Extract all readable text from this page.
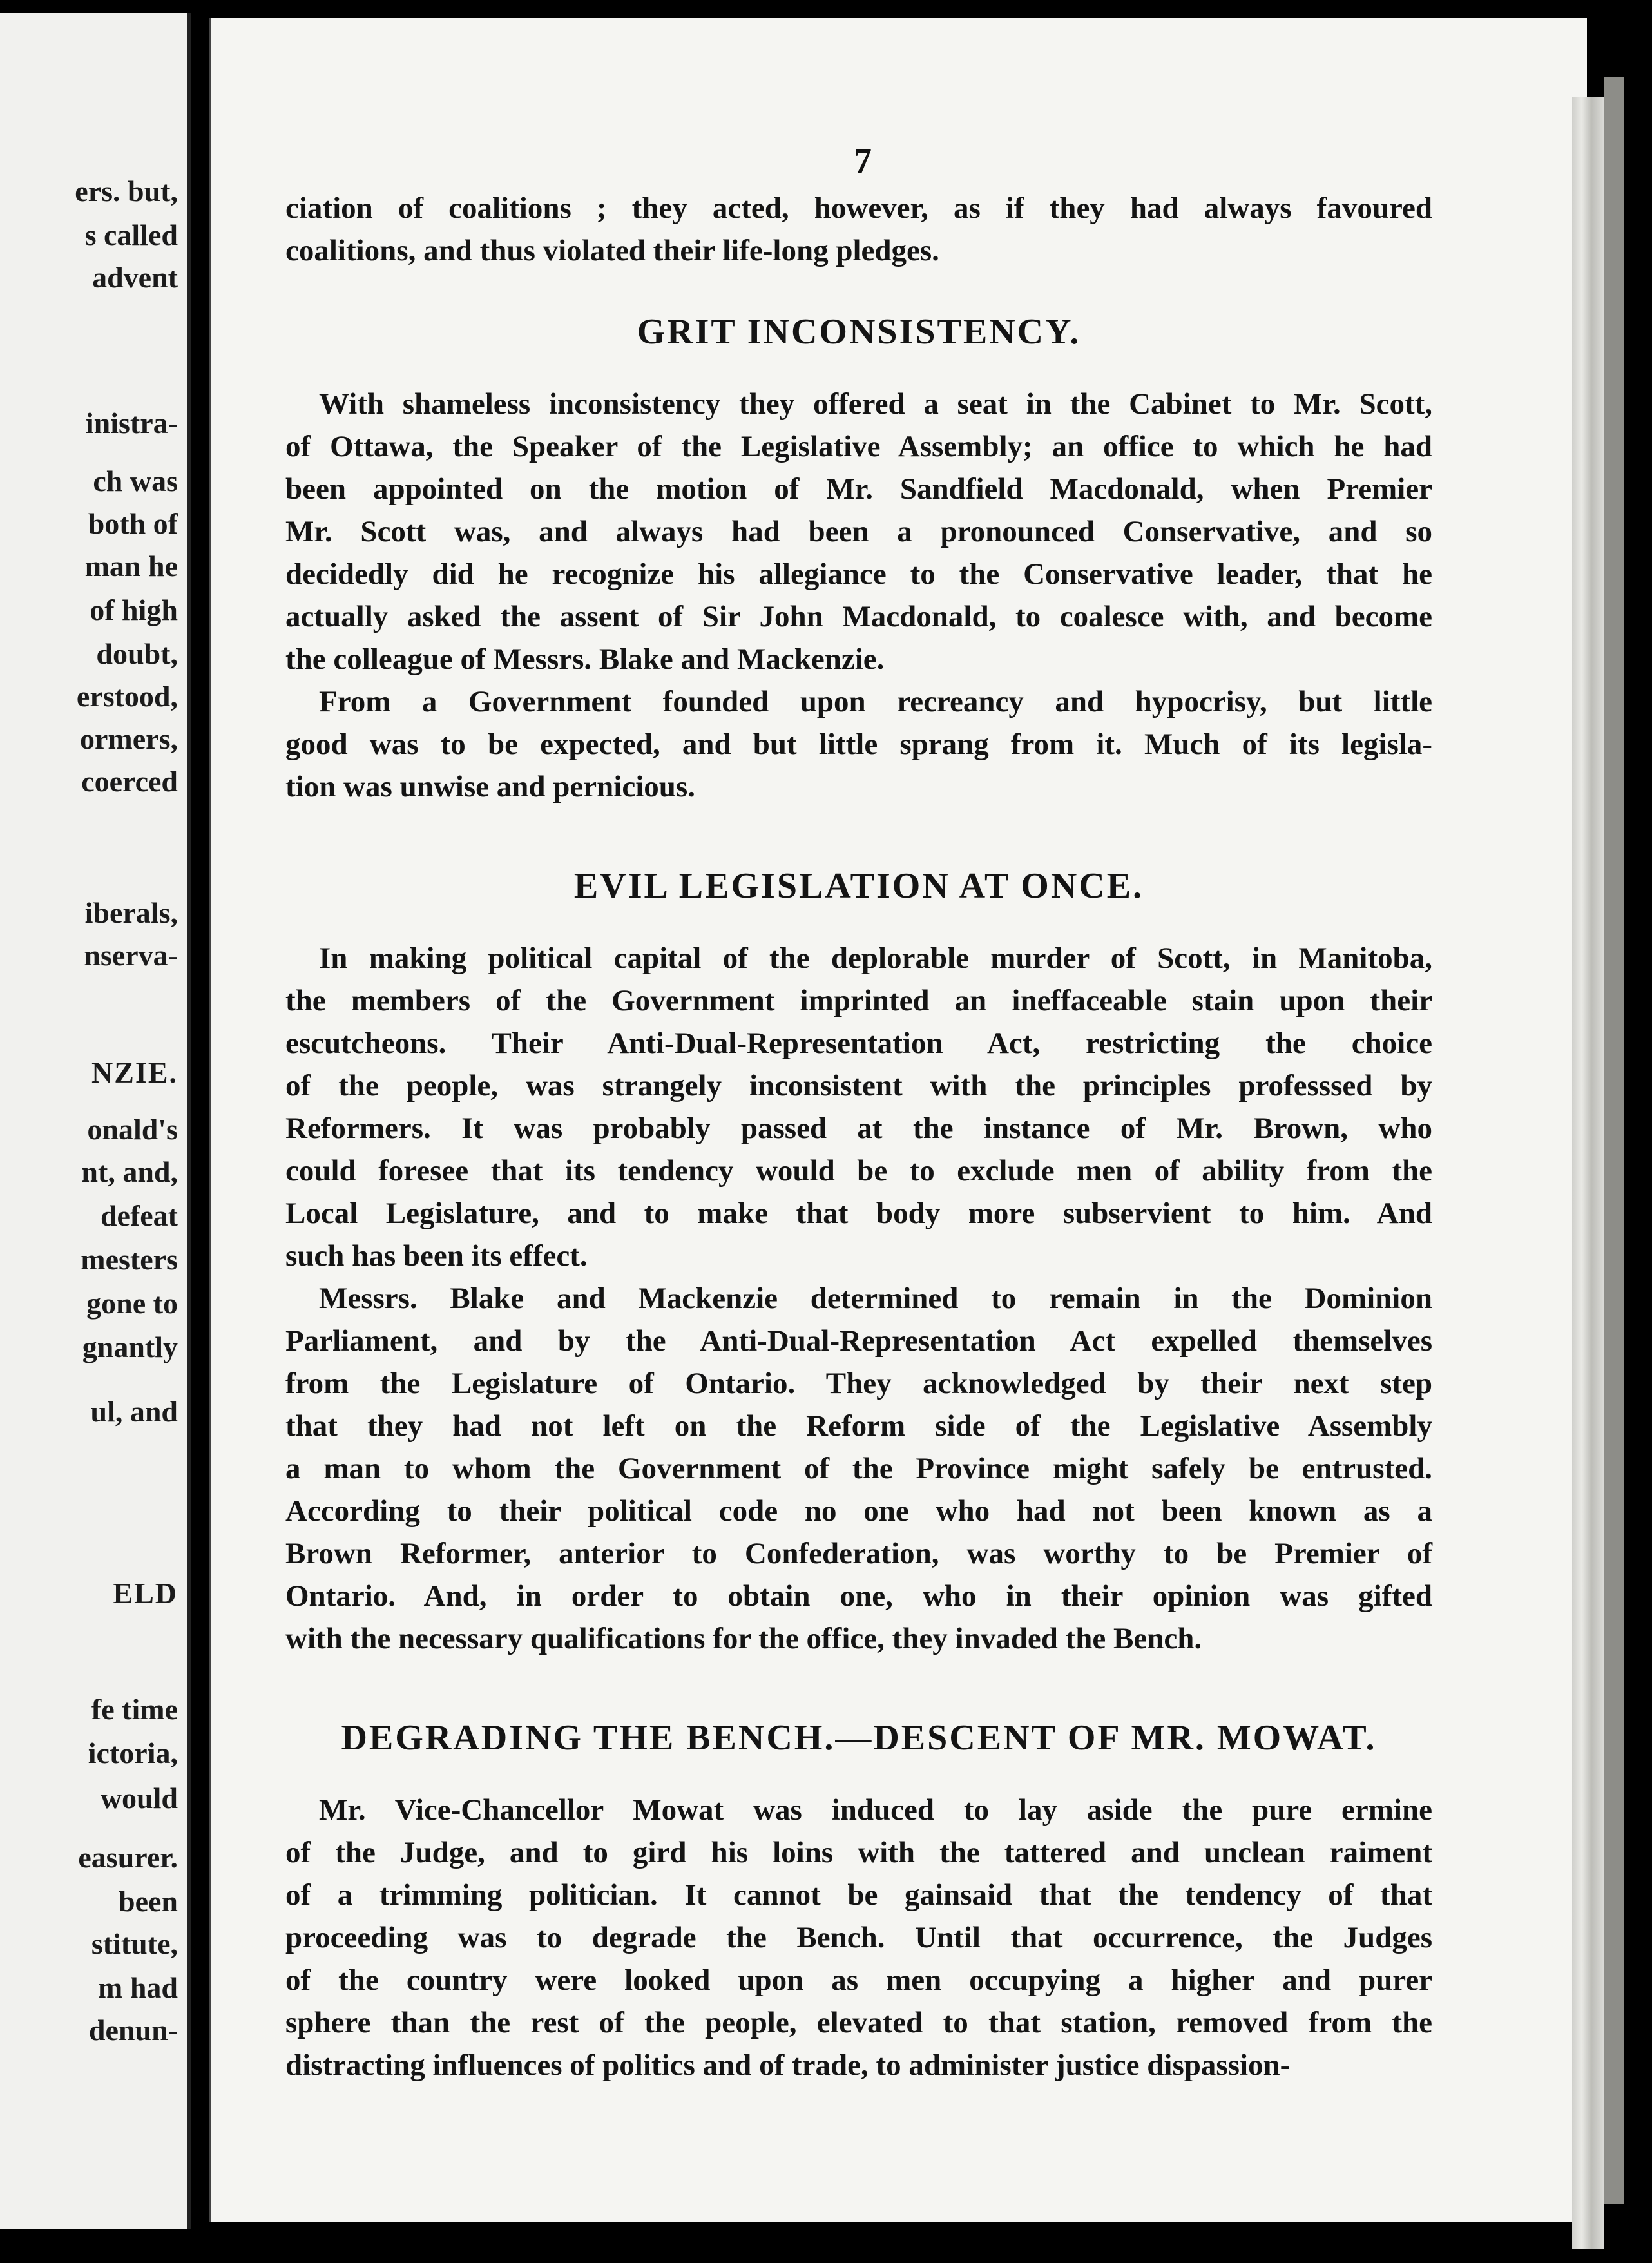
ers. but,
s called
advent
inistra-
ch was
both of
man he
of high
doubt,
erstood,
ormers,
coerced
iberals,
nserva-
NZIE.
onald's
nt, and,
defeat
mesters
gone to
gnantly
ul, and
ELD
fe time
ictoria,
would
easurer.
been
stitute,
m had
denun-
7
ciation of coalitions ; they acted, however, as if they had always favoured
coalitions, and thus violated their life-long pledges.
GRIT INCONSISTENCY.
With shameless inconsistency they offered a seat in the Cabinet to Mr. Scott,
of Ottawa, the Speaker of the Legislative Assembly; an office to which he had
been appointed on the motion of Mr. Sandfield Macdonald, when Premier
Mr. Scott was, and always had been a pronounced Conservative, and so
decidedly did he recognize his allegiance to the Conservative leader, that he
actually asked the assent of Sir John Macdonald, to coalesce with, and become
the colleague of Messrs. Blake and Mackenzie.
From a Government founded upon recreancy and hypocrisy, but little
good was to be expected, and but little sprang from it. Much of its legisla-
tion was unwise and pernicious.
EVIL LEGISLATION AT ONCE.
In making political capital of the deplorable murder of Scott, in Manitoba,
the members of the Government imprinted an ineffaceable stain upon their
escutcheons. Their Anti-Dual-Representation Act, restricting the choice
of the people, was strangely inconsistent with the principles professsed by
Reformers. It was probably passed at the instance of Mr. Brown, who
could foresee that its tendency would be to exclude men of ability from the
Local Legislature, and to make that body more subservient to him. And
such has been its effect.
Messrs. Blake and Mackenzie determined to remain in the Dominion
Parliament, and by the Anti-Dual-Representation Act expelled themselves
from the Legislature of Ontario. They acknowledged by their next step
that they had not left on the Reform side of the Legislative Assembly
a man to whom the Government of the Province might safely be entrusted.
According to their political code no one who had not been known as a
Brown Reformer, anterior to Confederation, was worthy to be Premier of
Ontario. And, in order to obtain one, who in their opinion was gifted
with the necessary qualifications for the office, they invaded the Bench.
DEGRADING THE BENCH.—DESCENT OF MR. MOWAT.
Mr. Vice-Chancellor Mowat was induced to lay aside the pure ermine
of the Judge, and to gird his loins with the tattered and unclean raiment
of a trimming politician. It cannot be gainsaid that the tendency of that
proceeding was to degrade the Bench. Until that occurrence, the Judges
of the country were looked upon as men occupying a higher and purer
sphere than the rest of the people, elevated to that station, removed from the
distracting influences of politics and of trade, to administer justice dispassion-
